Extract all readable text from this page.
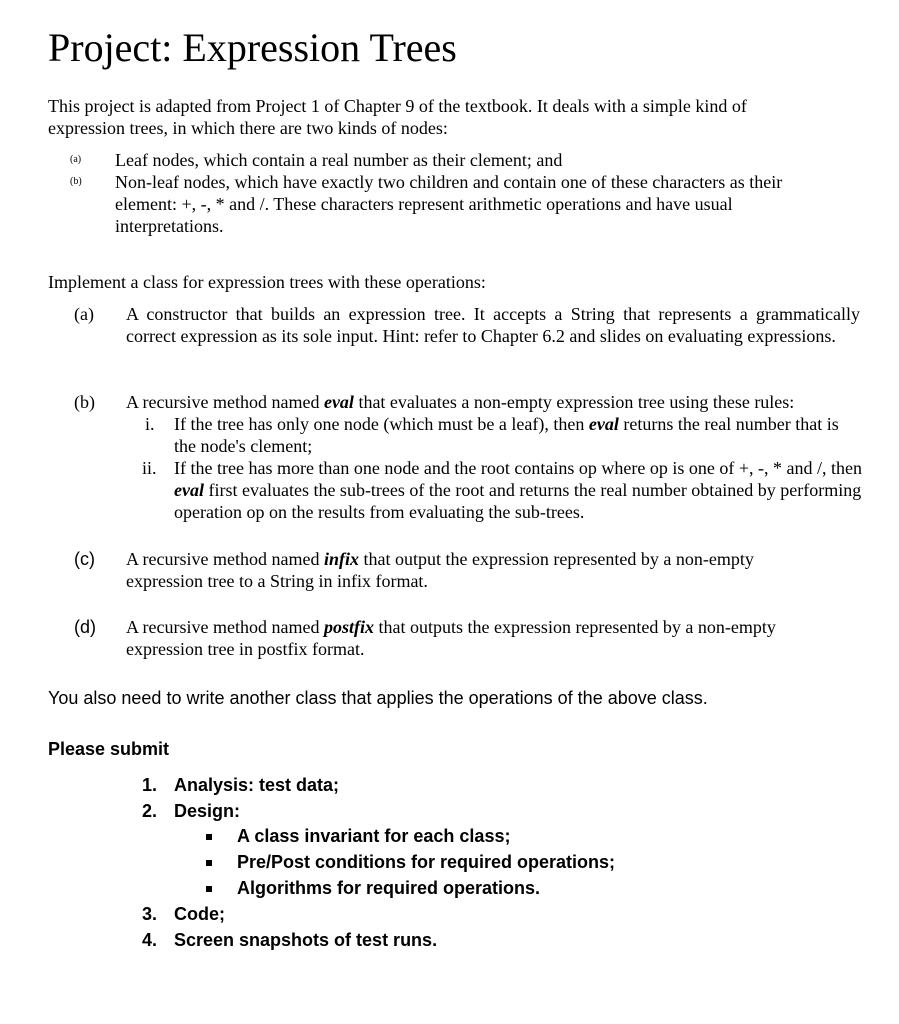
Project: Expression Trees
This project is adapted from Project 1 of Chapter 9 of the textbook. It deals with a simple kind of expression trees, in which there are two kinds of nodes:
(a) Leaf nodes, which contain a real number as their clement; and
(b) Non-leaf nodes, which have exactly two children and contain one of these characters as their element: +, -, * and /. These characters represent arithmetic operations and have usual interpretations.
Implement a class for expression trees with these operations:
(a) A constructor that builds an expression tree. It accepts a String that represents a grammatically correct expression as its sole input. Hint: refer to Chapter 6.2 and slides on evaluating expressions.
(b) A recursive method named eval that evaluates a non-empty expression tree using these rules:
i. If the tree has only one node (which must be a leaf), then eval returns the real number that is the node's clement;
ii. If the tree has more than one node and the root contains op where op is one of +, -, * and /, then eval first evaluates the sub-trees of the root and returns the real number obtained by performing operation op on the results from evaluating the sub-trees.
(c) A recursive method named infix that output the expression represented by a non-empty expression tree to a String in infix format.
(d) A recursive method named postfix that outputs the expression represented by a non-empty expression tree in postfix format.
You also need to write another class that applies the operations of the above class.
Please submit
1. Analysis: test data;
2. Design:
A class invariant for each class;
Pre/Post conditions for required operations;
Algorithms for required operations.
3. Code;
4. Screen snapshots of test runs.
